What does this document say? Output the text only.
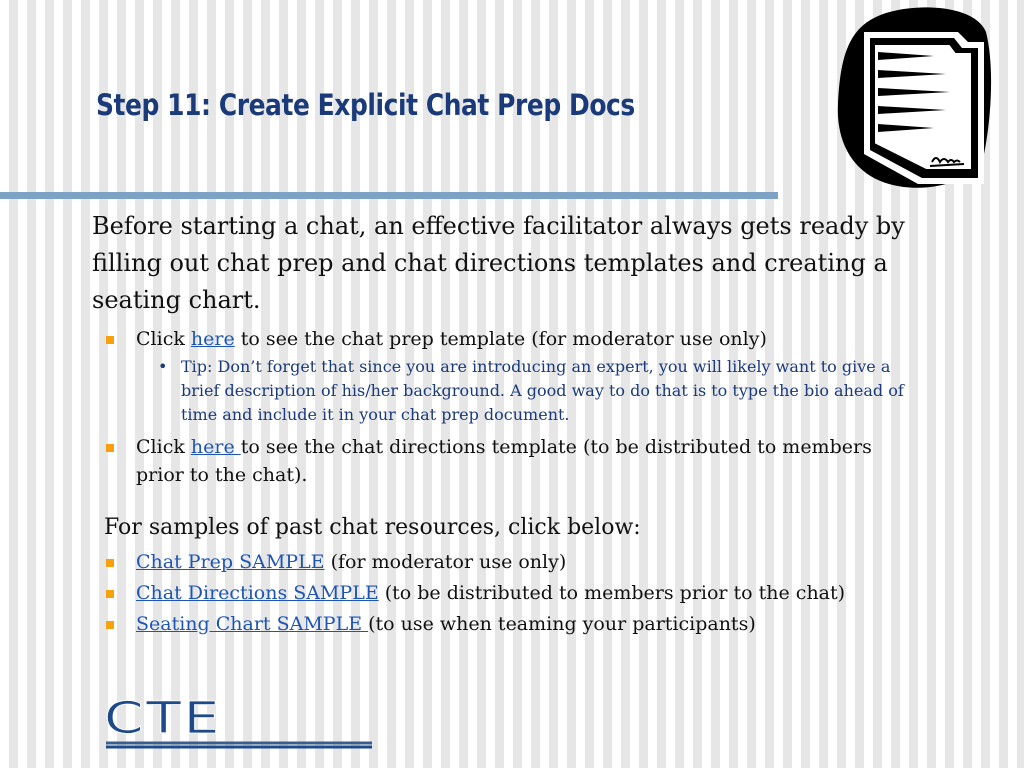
Step 11: Create Explicit Chat Prep Docs

Before starting a chat, an effective facilitator always gets ready by filling out chat prep and chat directions templates and creating a seating chart.

Click here to see the chat prep template (for moderator use only)
• Tip: Don’t forget that since you are introducing an expert, you will likely want to give a brief description of his/her background. A good way to do that is to type the bio ahead of time and include it in your chat prep document.
Click here to see the chat directions template (to be distributed to members prior to the chat).

For samples of past chat resources, click below:

Chat Prep SAMPLE (for moderator use only)
Chat Directions SAMPLE (to be distributed to members prior to the chat)
Seating Chart SAMPLE (to use when teaming your participants)
CTE
